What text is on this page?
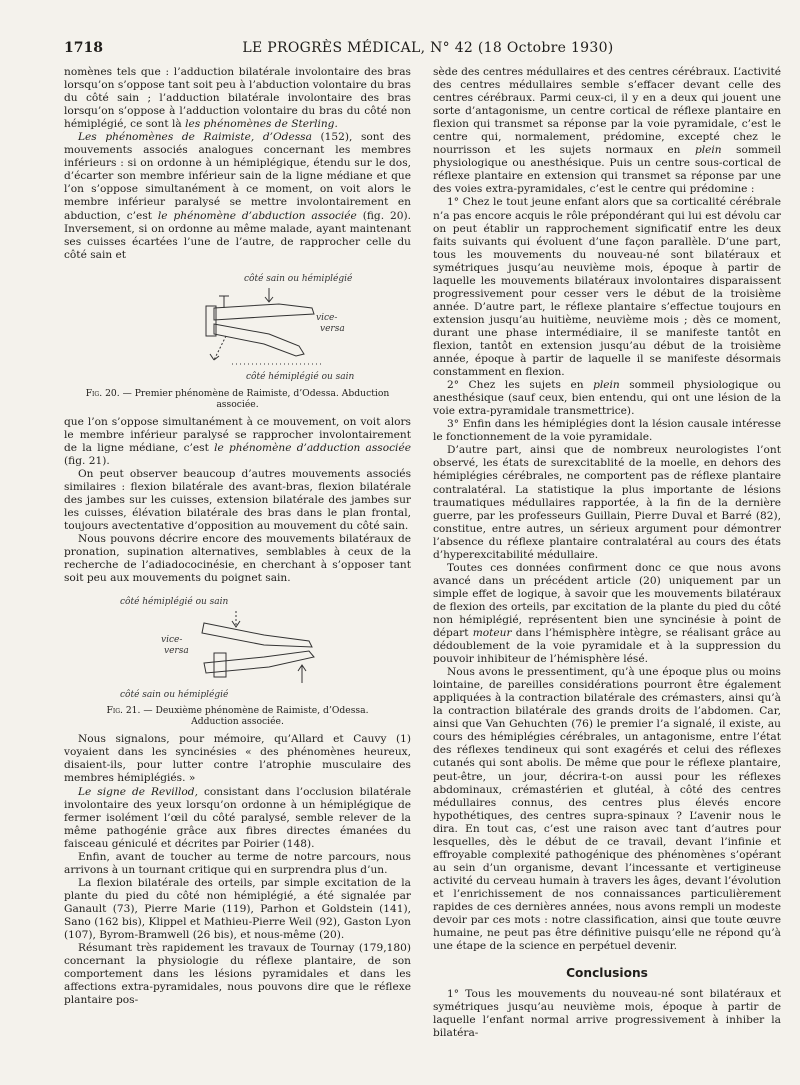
1718	LE PROGRÈS MÉDICAL, N° 42 (18 Octobre 1930)

nomènes tels que : l’adduction bilatérale involontaire des bras lorsqu’on s’oppose tant soit peu à l’abduction volontaire du bras du côté sain ; l’adduction bilatérale involontaire des bras lorsqu’on s’oppose à l’adduction volontaire du bras du côté non hémiplégié, ce sont là les phénomènes de Sterling.

Les phénomènes de Raimiste, d’Odessa (152), sont des mouvements associés analogues concernant les membres inférieurs : si on ordonne à un hémiplégique, étendu sur le dos, d’écarter son membre inférieur sain de la ligne médiane et que l’on s’oppose simultanément à ce moment, on voit alors le membre inférieur paralysé se mettre involontairement en abduction, c’est le phénomène d’abduction associée (fig. 20). Inversement, si on ordonne au même malade, ayant maintenant ses cuisses écartées l’une de l’autre, de rapprocher celle du côté sain et

côté sain ou hémiplégié
vice-
versa
côté hémiplégié ou sain
Fig. 20. — Premier phénomène de Raimiste, d’Odessa. Abduction associée.

que l’on s’oppose simultanément à ce mouvement, on voit alors le membre inférieur paralysé se rapprocher involontairement de la ligne médiane, c’est le phénomène d’adduction associée (fig. 21).

On peut observer beaucoup d’autres mouvements associés similaires : flexion bilatérale des avant-bras, flexion bilatérale des jambes sur les cuisses, extension bilatérale des jambes sur les cuisses, élévation bilatérale des bras dans le plan frontal, toujours avectentative d’opposition au mouvement du côté sain.

Nous pouvons décrire encore des mouvements bilatéraux de pronation, supination alternatives, semblables à ceux de la recherche de l’adiadococinésie, en cherchant à s’opposer tant soit peu aux mouvements du poignet sain.

côté hémiplégié ou sain
vice-
versa
côté sain ou hémiplégié
Fig. 21. — Deuxième phénomène de Raimiste, d’Odessa. Adduction associée.

Nous signalons, pour mémoire, qu’Allard et Cauvy (1) voyaient dans les syncinésies « des phénomènes heureux, disaient-ils, pour lutter contre l’atrophie musculaire des membres hémiplégiés. »

Le signe de Revillod, consistant dans l’occlusion bilatérale involontaire des yeux lorsqu’on ordonne à un hémiplégique de fermer isolément l’œil du côté paralysé, semble relever de la même pathogénie grâce aux fibres directes émanées du faisceau géniculé et décrites par Poirier (148).

Enfin, avant de toucher au terme de notre parcours, nous arrivons à un tournant critique qui en surprendra plus d’un.

La flexion bilatérale des orteils, par simple excitation de la plante du pied du côté non hémiplégié, a été signalée par Ganault (73), Pierre Marie (119), Parhon et Goldstein (141), Sano (162 bis), Klippel et Mathieu-Pierre Weil (92), Gaston Lyon (107), Byrom-Bramwell (26 bis), et nous-même (20).

Résumant très rapidement les travaux de Tournay (179,180) concernant la physiologie du réflexe plantaire, de son comportement dans les lésions pyramidales et dans les affections extra-pyramidales, nous pouvons dire que le réflexe plantaire pos-

sède des centres médullaires et des centres cérébraux. L’activité des centres médullaires semble s’effacer devant celle des centres cérébraux. Parmi ceux-ci, il y en a deux qui jouent une sorte d’antagonisme, un centre cortical de réflexe plantaire en flexion qui transmet sa réponse par la voie pyramidale, c’est le centre qui, normalement, prédomine, excepté chez le nourrisson et les sujets normaux en plein sommeil physiologique ou anesthésique. Puis un centre sous-cortical de réflexe plantaire en extension qui transmet sa réponse par une des voies extra-pyramidales, c’est le centre qui prédomine :

1° Chez le tout jeune enfant alors que sa corticalité cérébrale n’a pas encore acquis le rôle prépondérant qui lui est dévolu car on peut établir un rapprochement significatif entre les deux faits suivants qui évoluent d’une façon parallèle. D’une part, tous les mouvements du nouveau-né sont bilatéraux et symétriques jusqu’au neuvième mois, époque à partir de laquelle les mouvements bilatéraux involontaires disparaissent progressivement pour cesser vers le début de la troisième année. D’autre part, le réflexe plantaire s’effectue toujours en extension jusqu’au huitième, neuvième mois ; dès ce moment, durant une phase intermédiaire, il se manifeste tantôt en flexion, tantôt en extension jusqu’au début de la troisième année, époque à partir de laquelle il se manifeste désormais constamment en flexion.

2° Chez les sujets en plein sommeil physiologique ou anesthésique (sauf ceux, bien entendu, qui ont une lésion de la voie extra-pyramidale transmettrice).

3° Enfin dans les hémiplégies dont la lésion causale intéresse le fonctionnement de la voie pyramidale.

D’autre part, ainsi que de nombreux neurologistes l’ont observé, les états de surexcitablité de la moelle, en dehors des hémiplégies cérébrales, ne comportent pas de réflexe plantaire contralatéral. La statistique la plus importante de lésions traumatiques médullaires rapportée, à la fin de la dernière guerre, par les professeurs Guillain, Pierre Duval et Barré (82), constitue, entre autres, un sérieux argument pour démontrer l’absence du réflexe plantaire contralatéral au cours des états d’hyperexcitabilité médullaire.

Toutes ces données confirment donc ce que nous avons avancé dans un précédent article (20) uniquement par un simple effet de logique, à savoir que les mouvements bilatéraux de flexion des orteils, par excitation de la plante du pied du côté non hémiplégié, représentent bien une syncinésie à point de départ moteur dans l’hémisphère intègre, se réalisant grâce au dédoublement de la voie pyramidale et à la suppression du pouvoir inhibiteur de l’hémisphère lésé.

Nous avons le pressentiment, qu’à une époque plus ou moins lointaine, de pareilles considérations pourront être également appliquées à la contraction bilatérale des crémasters, ainsi qu’à la contraction bilatérale des grands droits de l’abdomen. Car, ainsi que Van Gehuchten (76) le premier l’a signalé, il existe, au cours des hémiplégies cérébrales, un antagonisme, entre l’état des réflexes tendineux qui sont exagérés et celui des réflexes cutanés qui sont abolis. De même que pour le réflexe plantaire, peut-être, un jour, décrira-t-on aussi pour les réflexes abdominaux, crémastérien et glutéal, à côté des centres médullaires connus, des centres plus élevés encore hypothétiques, des centres supra-spinaux ? L’avenir nous le dira. En tout cas, c’est une raison avec tant d’autres pour lesquelles, dès le début de ce travail, devant l’infinie et effroyable complexité pathogénique des phénomènes s’opérant au sein d’un organisme, devant l’incessante et vertigineuse activité du cerveau humain à travers les âges, devant l’évolution et l’enrichissement de nos connaissances particulièrement rapides de ces dernières années, nous avons rempli un modeste devoir par ces mots : notre classification, ainsi que toute œuvre humaine, ne peut pas être définitive puisqu’elle ne répond qu’à une étape de la science en perpétuel devenir.

Conclusions

1° Tous les mouvements du nouveau-né sont bilatéraux et symétriques jusqu’au neuvième mois, époque à partir de laquelle l’enfant normal arrive progressivement à inhiber la bilatéra-
